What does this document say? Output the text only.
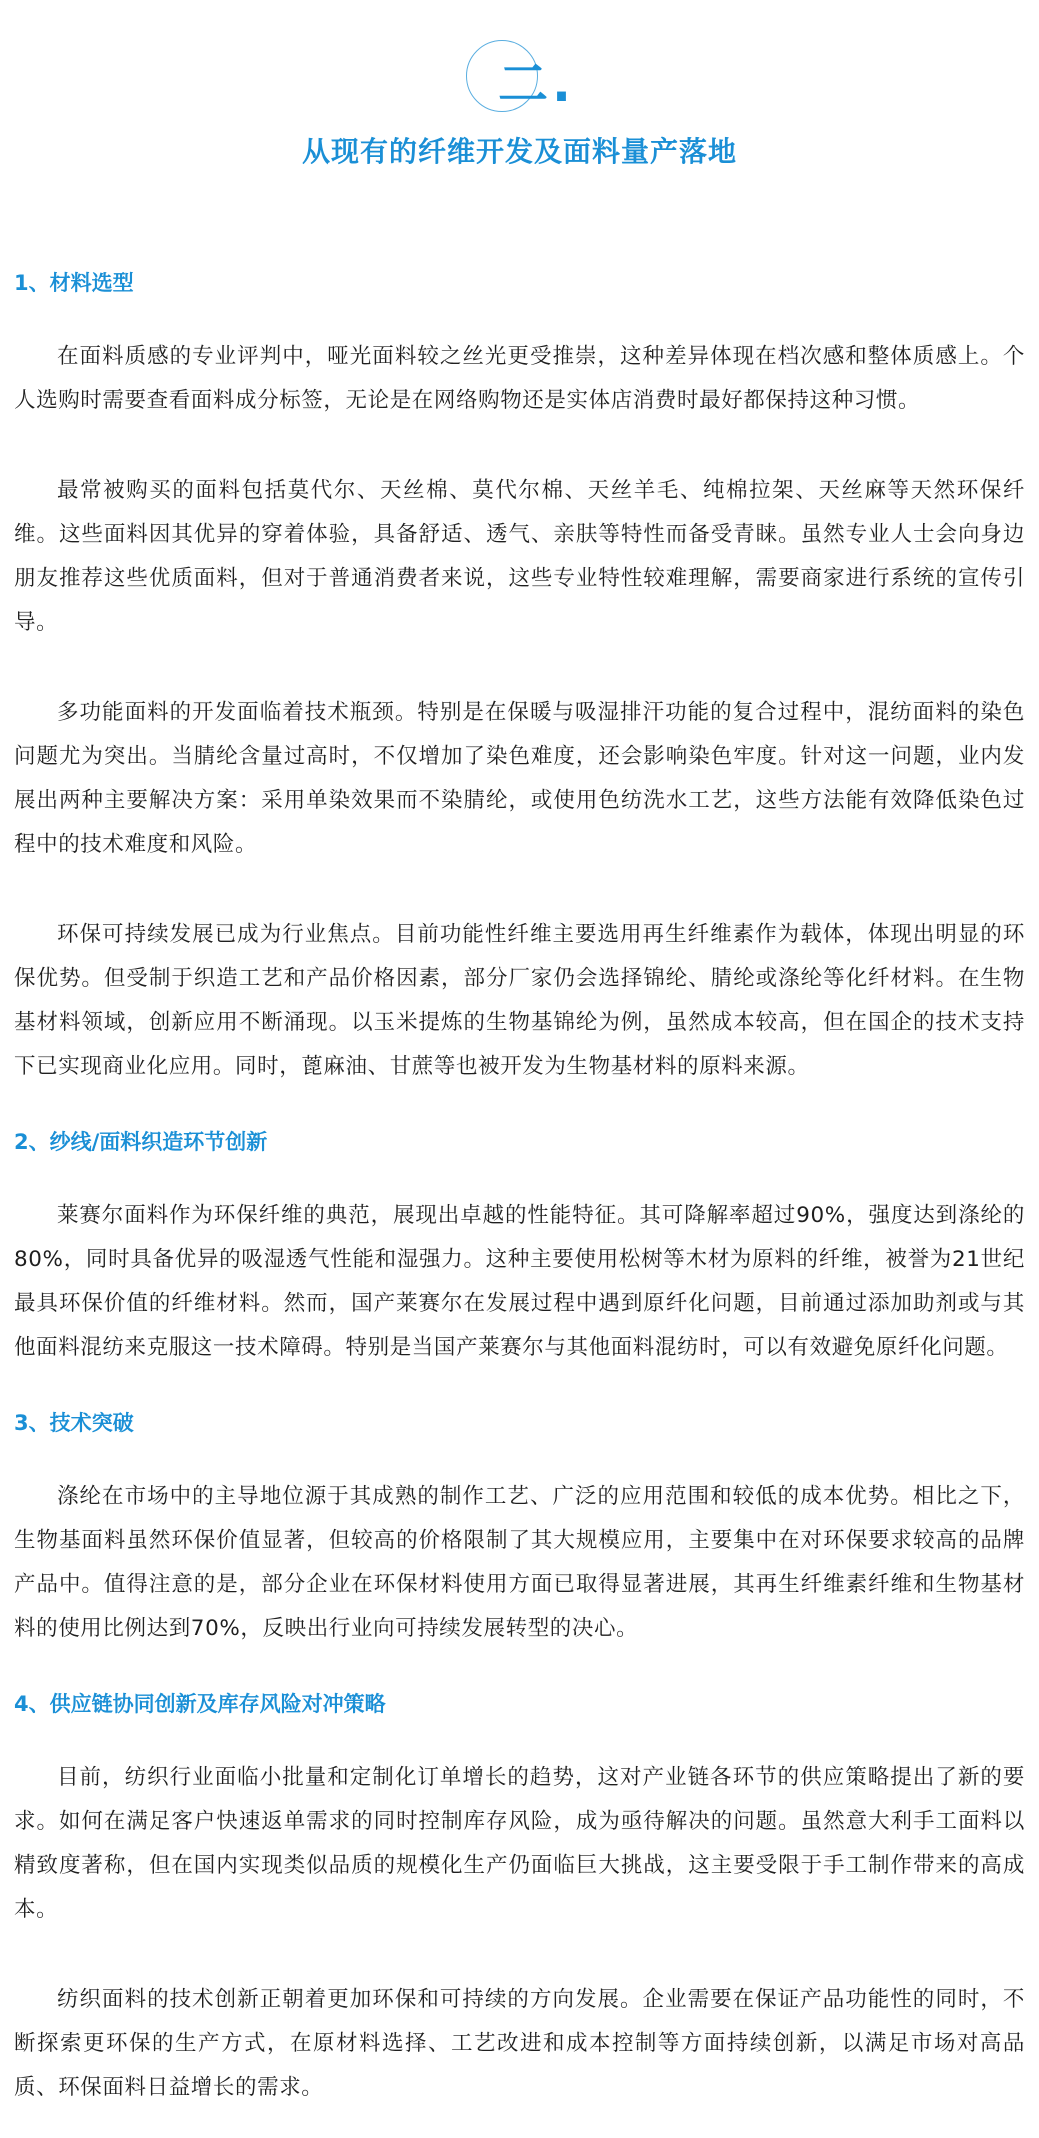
二.
从现有的纤维开发及面料量产落地
1、材料选型

在面料质感的专业评判中，哑光面料较之丝光更受推崇，这种差异体现在档次感和整体质感上。个人选购时需要查看面料成分标签，无论是在网络购物还是实体店消费时最好都保持这种习惯。

最常被购买的面料包括莫代尔、天丝棉、莫代尔棉、天丝羊毛、纯棉拉架、天丝麻等天然环保纤维。这些面料因其优异的穿着体验，具备舒适、透气、亲肤等特性而备受青睐。虽然专业人士会向身边朋友推荐这些优质面料，但对于普通消费者来说，这些专业特性较难理解，需要商家进行系统的宣传引导。

多功能面料的开发面临着技术瓶颈。特别是在保暖与吸湿排汗功能的复合过程中，混纺面料的染色问题尤为突出。当腈纶含量过高时，不仅增加了染色难度，还会影响染色牢度。针对这一问题，业内发展出两种主要解决方案：采用单染效果而不染腈纶，或使用色纺洗水工艺，这些方法能有效降低染色过程中的技术难度和风险。

环保可持续发展已成为行业焦点。目前功能性纤维主要选用再生纤维素作为载体，体现出明显的环保优势。但受制于织造工艺和产品价格因素，部分厂家仍会选择锦纶、腈纶或涤纶等化纤材料。在生物基材料领域，创新应用不断涌现。以玉米提炼的生物基锦纶为例，虽然成本较高，但在国企的技术支持下已实现商业化应用。同时，蓖麻油、甘蔗等也被开发为生物基材料的原料来源。

2、纱线/面料织造环节创新

莱赛尔面料作为环保纤维的典范，展现出卓越的性能特征。其可降解率超过90%，强度达到涤纶的80%，同时具备优异的吸湿透气性能和湿强力。这种主要使用松树等木材为原料的纤维，被誉为21世纪最具环保价值的纤维材料。然而，国产莱赛尔在发展过程中遇到原纤化问题，目前通过添加助剂或与其他面料混纺来克服这一技术障碍。特别是当国产莱赛尔与其他面料混纺时，可以有效避免原纤化问题。

3、技术突破

涤纶在市场中的主导地位源于其成熟的制作工艺、广泛的应用范围和较低的成本优势。相比之下，生物基面料虽然环保价值显著，但较高的价格限制了其大规模应用，主要集中在对环保要求较高的品牌产品中。值得注意的是，部分企业在环保材料使用方面已取得显著进展，其再生纤维素纤维和生物基材料的使用比例达到70%，反映出行业向可持续发展转型的决心。

4、供应链协同创新及库存风险对冲策略

目前，纺织行业面临小批量和定制化订单增长的趋势，这对产业链各环节的供应策略提出了新的要求。如何在满足客户快速返单需求的同时控制库存风险，成为亟待解决的问题。虽然意大利手工面料以精致度著称，但在国内实现类似品质的规模化生产仍面临巨大挑战，这主要受限于手工制作带来的高成本。

纺织面料的技术创新正朝着更加环保和可持续的方向发展。企业需要在保证产品功能性的同时，不断探索更环保的生产方式，在原材料选择、工艺改进和成本控制等方面持续创新，以满足市场对高品质、环保面料日益增长的需求。
